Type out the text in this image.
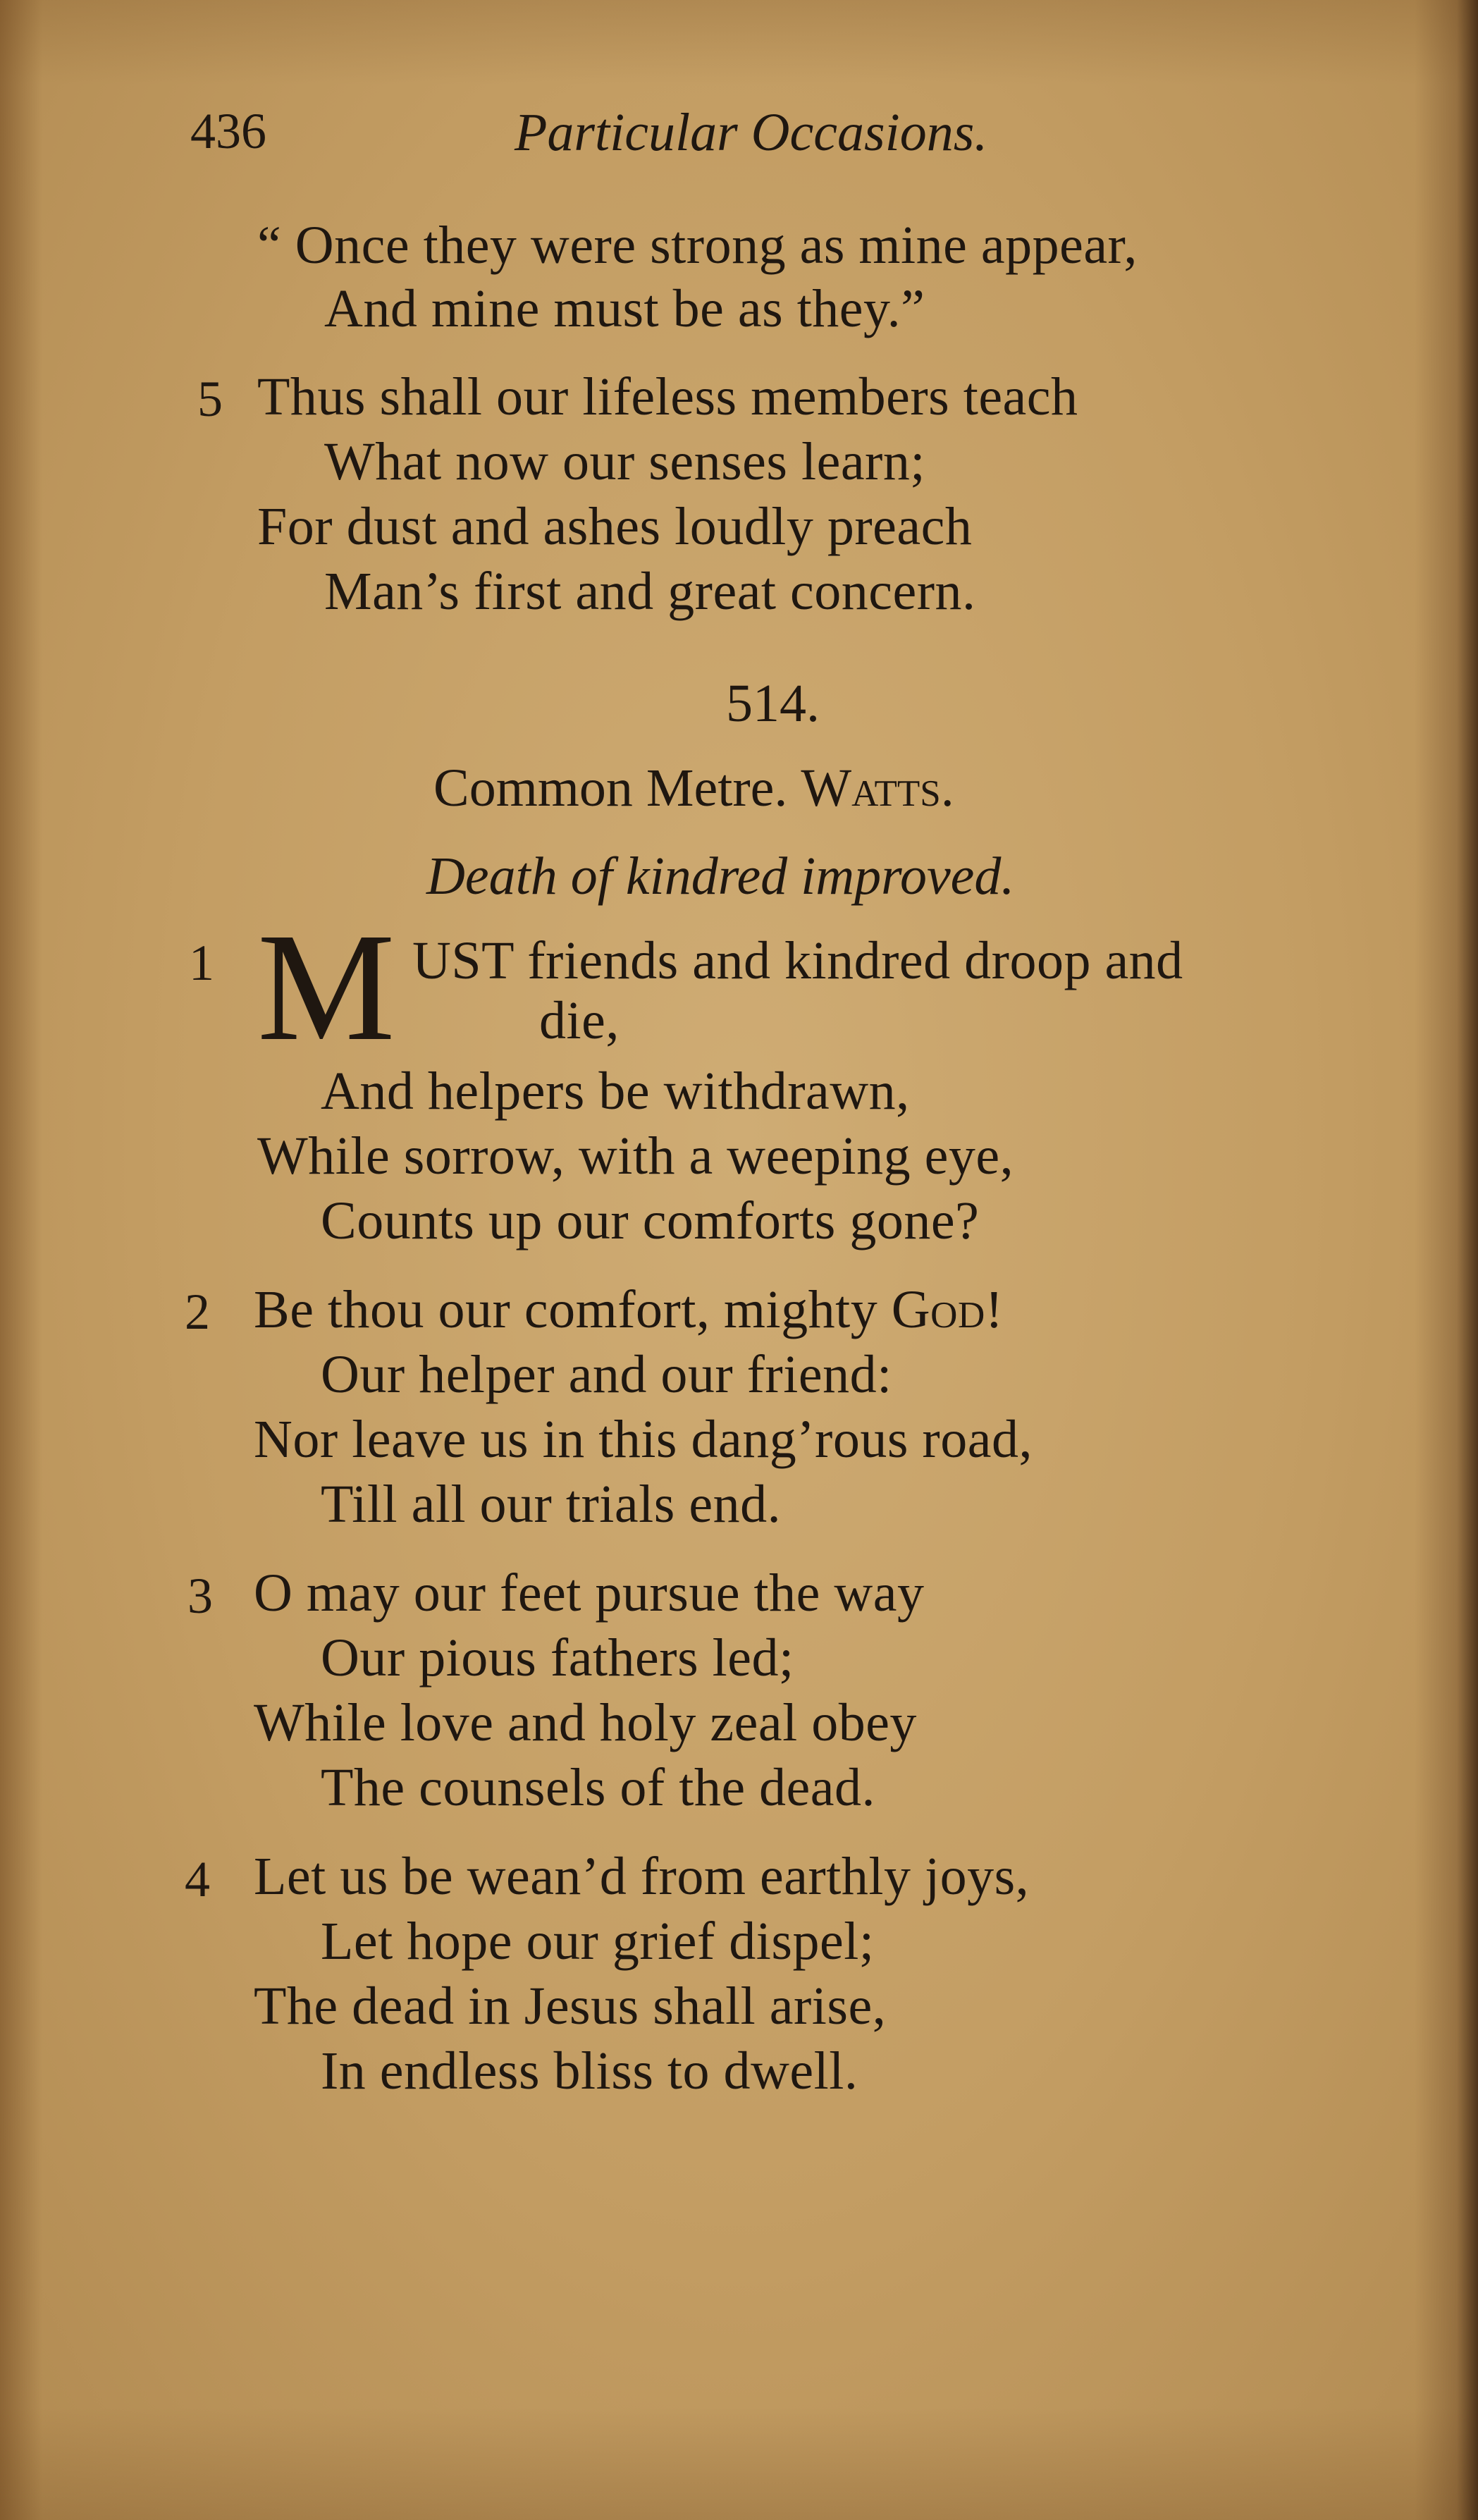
436	Particular Occasions.
“ Once they were strong as mine appear,
And mine must be as they.”
5 Thus shall our lifeless members teach
What now our senses learn;
For dust and ashes loudly preach
Man’s first and great concern.
514.
Common Metre. Watts.
Death of kindred improved.
1 M UST friends and kindred droop and
die,
And helpers be withdrawn,
While sorrow, with a weeping eye,
Counts up our comforts gone?
2 Be thou our comfort, mighty God!
Our helper and our friend:
Nor leave us in this dang’rous road,
Till all our trials end.
3 O may our feet pursue the way
Our pious fathers led;
While love and holy zeal obey
The counsels of the dead.
4 Let us be wean’d from earthly joys,
Let hope our grief dispel;
The dead in Jesus shall arise,
In endless bliss to dwell.
